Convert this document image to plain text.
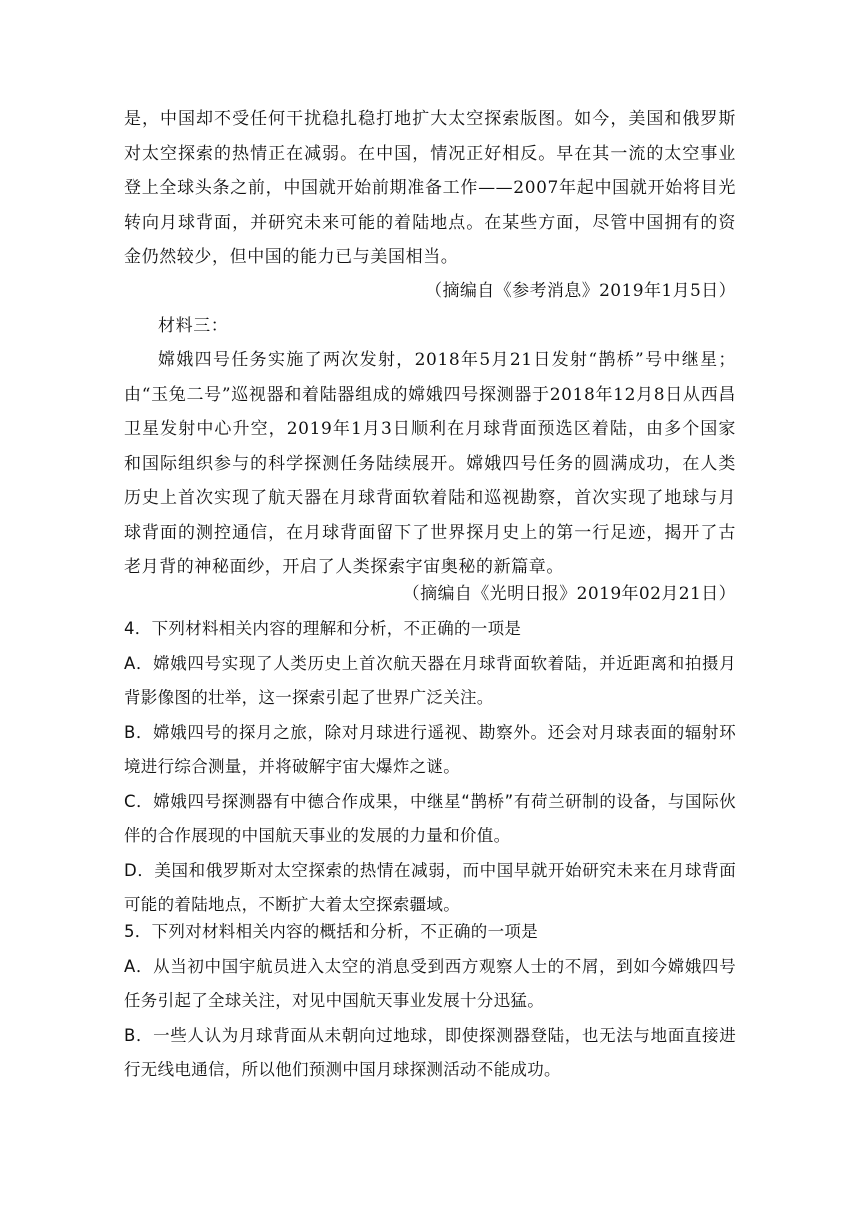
是，中国却不受任何干扰稳扎稳打地扩大太空探索版图。如今，美国和俄罗斯对太空探索的热情正在减弱。在中国，情况正好相反。早在其一流的太空事业登上全球头条之前，中国就开始前期准备工作——2007年起中国就开始将目光转向月球背面，并研究未来可能的着陆地点。在某些方面，尽管中国拥有的资金仍然较少，但中国的能力已与美国相当。

（摘编自《参考消息》2019年1月5日）

材料三：

嫦娥四号任务实施了两次发射，2018年5月21日发射“鹊桥”号中继星；由“玉兔二号”巡视器和着陆器组成的嫦娥四号探测器于2018年12月8日从西昌卫星发射中心升空，2019年1月3日顺利在月球背面预选区着陆，由多个国家和国际组织参与的科学探测任务陆续展开。嫦娥四号任务的圆满成功，在人类历史上首次实现了航天器在月球背面软着陆和巡视勘察，首次实现了地球与月球背面的测控通信，在月球背面留下了世界探月史上的第一行足迹，揭开了古老月背的神秘面纱，开启了人类探索宇宙奥秘的新篇章。

（摘编自《光明日报》2019年02月21日）

4．下列材料相关内容的理解和分析，不正确的一项是

A．嫦娥四号实现了人类历史上首次航天器在月球背面软着陆，并近距离和拍摄月背影像图的壮举，这一探索引起了世界广泛关注。

B．嫦娥四号的探月之旅，除对月球进行遥视、勘察外。还会对月球表面的辐射环境进行综合测量，并将破解宇宙大爆炸之谜。

C．嫦娥四号探测器有中德合作成果，中继星“鹊桥”有荷兰研制的设备，与国际伙伴的合作展现的中国航天事业的发展的力量和价值。

D．美国和俄罗斯对太空探索的热情在减弱，而中国早就开始研究未来在月球背面可能的着陆地点，不断扩大着太空探索疆域。

5．下列对材料相关内容的概括和分析，不正确的一项是

A．从当初中国宇航员进入太空的消息受到西方观察人士的不屑，到如今嫦娥四号任务引起了全球关注，对见中国航天事业发展十分迅猛。

B．一些人认为月球背面从未朝向过地球，即使探测器登陆，也无法与地面直接进行无线电通信，所以他们预测中国月球探测活动不能成功。
